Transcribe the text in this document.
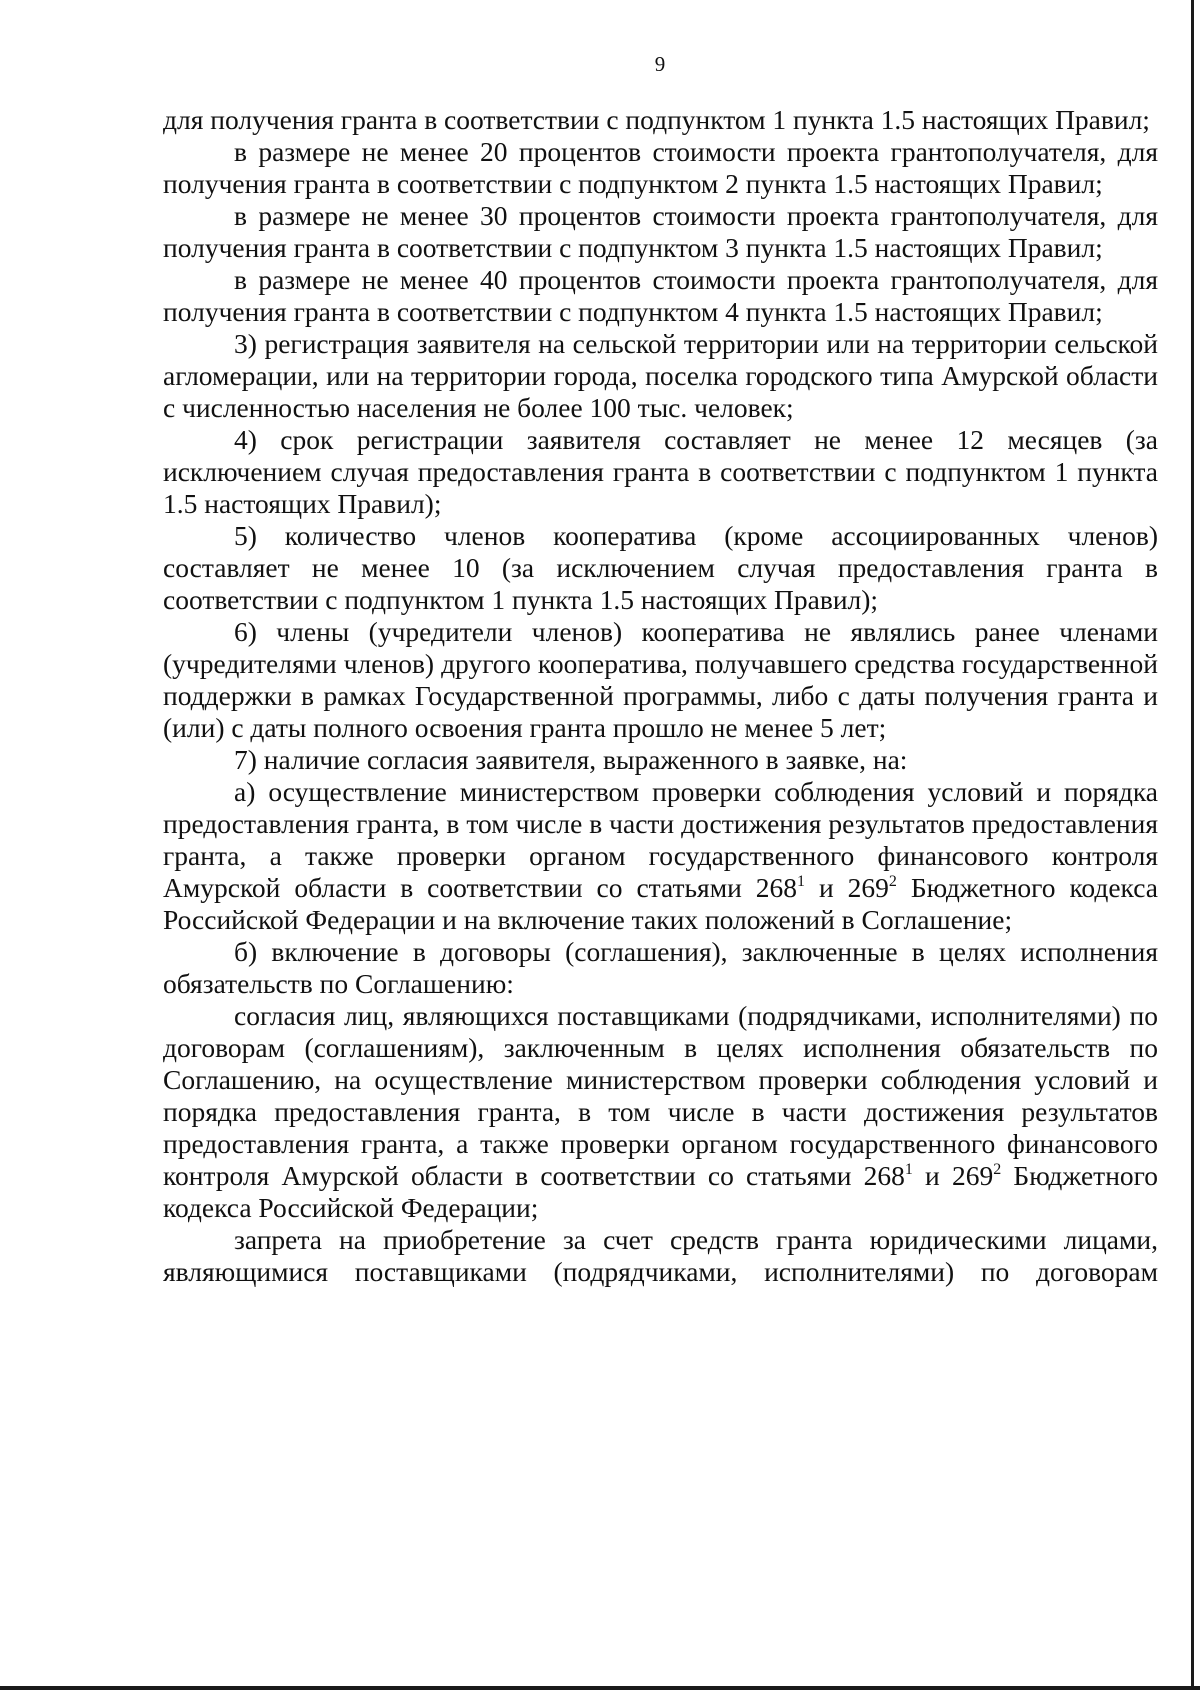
9

для получения гранта в соответствии с подпунктом 1 пункта 1.5 настоящих Правил;

в размере не менее 20 процентов стоимости проекта грантополучателя, для получения гранта в соответствии с подпунктом 2 пункта 1.5 настоящих Правил;

в размере не менее 30 процентов стоимости проекта грантополучателя, для получения гранта в соответствии с подпунктом 3 пункта 1.5 настоящих Правил;

в размере не менее 40 процентов стоимости проекта грантополучателя, для получения гранта в соответствии с подпунктом 4 пункта 1.5 настоящих Правил;

3) регистрация заявителя на сельской территории или на территории сельской агломерации, или на территории города, поселка городского типа Амурской области с численностью населения не более 100 тыс. человек;

4) срок регистрации заявителя составляет не менее 12 месяцев (за исключением случая предоставления гранта в соответствии с подпунктом 1 пункта 1.5 настоящих Правил);

5) количество членов кооператива (кроме ассоциированных членов) составляет не менее 10 (за исключением случая предоставления гранта в соответствии с подпунктом 1 пункта 1.5 настоящих Правил);

6) члены (учредители членов) кооператива не являлись ранее членами (учредителями членов) другого кооператива, получавшего средства государственной поддержки в рамках Государственной программы, либо с даты получения гранта и (или) с даты полного освоения гранта прошло не менее 5 лет;

7) наличие согласия заявителя, выраженного в заявке, на:

а) осуществление министерством проверки соблюдения условий и порядка предоставления гранта, в том числе в части достижения результатов предоставления гранта, а также проверки органом государственного финансового контроля Амурской области в соответствии со статьями $268^1$ и $269^2$ Бюджетного кодекса Российской Федерации и на включение таких положений в Соглашение;

б) включение в договоры (соглашения), заключенные в целях исполнения обязательств по Соглашению:

согласия лиц, являющихся поставщиками (подрядчиками, исполнителями) по договорам (соглашениям), заключенным в целях исполнения обязательств по Соглашению, на осуществление министерством проверки соблюдения условий и порядка предоставления гранта, в том числе в части достижения результатов предоставления гранта, а также проверки органом государственного финансового контроля Амурской области в соответствии со статьями $268^1$ и $269^2$ Бюджетного кодекса Российской Федерации;

запрета на приобретение за счет средств гранта юридическими лицами, являющимися поставщиками (подрядчиками, исполнителями) по договорам
